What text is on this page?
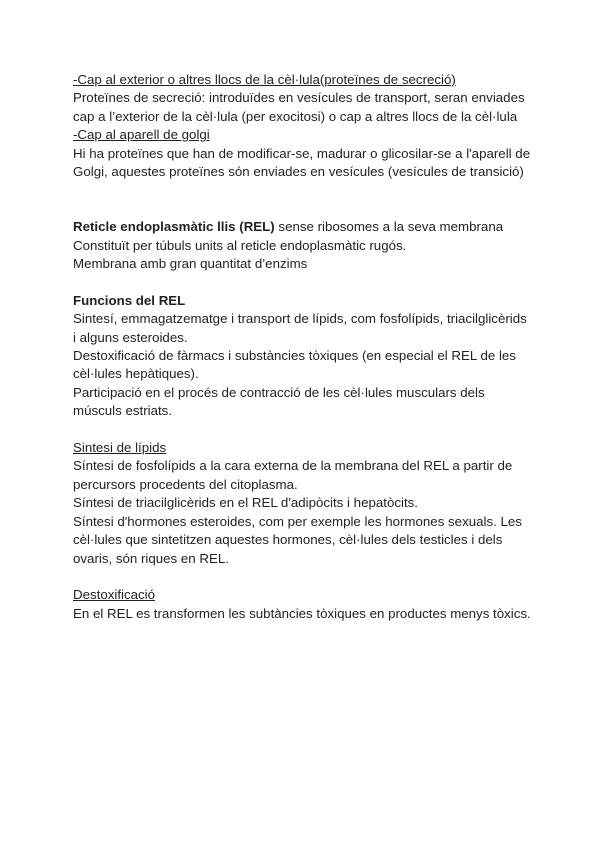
-Cap al exterior o altres llocs de la cèl·lula(proteïnes de secreció)

Proteïnes de secreció: introduïdes en vesícules de transport, seran enviades cap a l’exterior de la cèl·lula (per exocitosi) o cap a altres llocs de la cèl·lula

-Cap al aparell de golgi

Hi ha proteïnes que han de modificar-se, madurar o glicosilar-se a l'aparell de Golgi, aquestes proteïnes són enviades en vesícules (vesícules de transició)

Reticle endoplasmàtic llis (REL) sense ribosomes a la seva membrana

Constituït per túbuls units al reticle endoplasmàtic rugós.

Membrana amb gran quantitat d’enzims

Funcions del REL

Sintesí, emmagatzematge i transport de lípids, com fosfolípids, triacilglicèrids i alguns esteroides.

Destoxificació de fàrmacs i substàncies tòxiques (en especial el REL de les cèl·lules hepàtiques).

Participació en el procés de contracció de les cèl·lules musculars dels músculs estriats.

Sintesi de lípids

Síntesi de fosfolípids a la cara externa de la membrana del REL a partir de percursors procedents del citoplasma.

Síntesi de triacilglicèrids en el REL d'adipòcits i hepatòcits.

Síntesi d'hormones esteroides, com per exemple les hormones sexuals. Les cèl·lules que sintetitzen aquestes hormones, cèl·lules dels testicles i dels ovaris, són riques en REL.

Destoxificació

En el REL es transformen les subtàncies tòxiques en productes menys tòxics.
